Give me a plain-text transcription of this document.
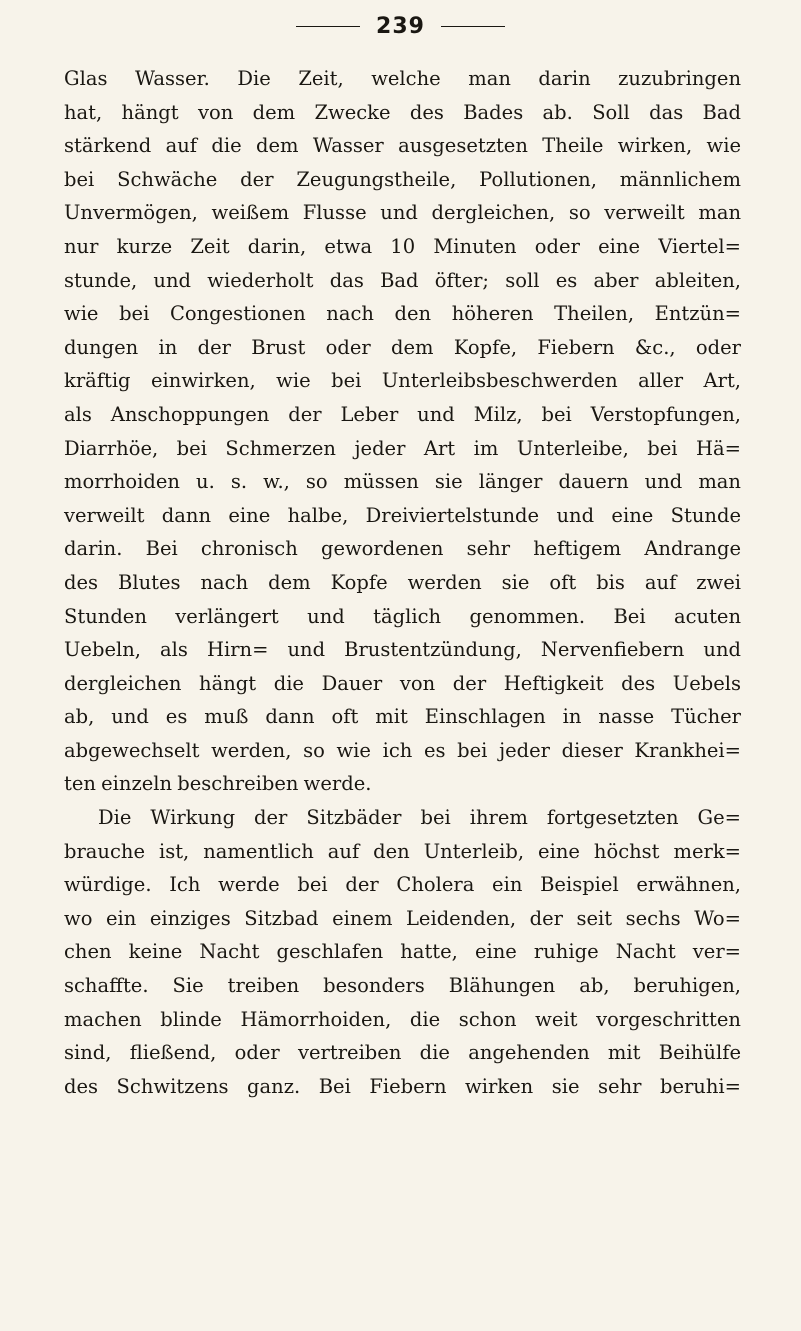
239
Glas Wasser. Die Zeit, welche man darin zuzubringen
hat, hängt von dem Zwecke des Bades ab. Soll das Bad
stärkend auf die dem Wasser ausgesetzten Theile wirken, wie
bei Schwäche der Zeugungstheile, Pollutionen, männlichem
Unvermögen, weißem Flusse und dergleichen, so verweilt man
nur kurze Zeit darin, etwa 10 Minuten oder eine Viertel=
stunde, und wiederholt das Bad öfter; soll es aber ableiten,
wie bei Congestionen nach den höheren Theilen, Entzün=
dungen in der Brust oder dem Kopfe, Fiebern &c., oder
kräftig einwirken, wie bei Unterleibsbeschwerden aller Art,
als Anschoppungen der Leber und Milz, bei Verstopfungen,
Diarrhöe, bei Schmerzen jeder Art im Unterleibe, bei Hä=
morrhoiden u. s. w., so müssen sie länger dauern und man
verweilt dann eine halbe, Dreiviertelstunde und eine Stunde
darin. Bei chronisch gewordenen sehr heftigem Andrange
des Blutes nach dem Kopfe werden sie oft bis auf zwei
Stunden verlängert und täglich genommen. Bei acuten
Uebeln, als Hirn= und Brustentzündung, Nervenfiebern und
dergleichen hängt die Dauer von der Heftigkeit des Uebels
ab, und es muß dann oft mit Einschlagen in nasse Tücher
abgewechselt werden, so wie ich es bei jeder dieser Krankhei=
ten einzeln beschreiben werde.
Die Wirkung der Sitzbäder bei ihrem fortgesetzten Ge=
brauche ist, namentlich auf den Unterleib, eine höchst merk=
würdige. Ich werde bei der Cholera ein Beispiel erwähnen,
wo ein einziges Sitzbad einem Leidenden, der seit sechs Wo=
chen keine Nacht geschlafen hatte, eine ruhige Nacht ver=
schaffte. Sie treiben besonders Blähungen ab, beruhigen,
machen blinde Hämorrhoiden, die schon weit vorgeschritten
sind, fließend, oder vertreiben die angehenden mit Beihülfe
des Schwitzens ganz. Bei Fiebern wirken sie sehr beruhi=
